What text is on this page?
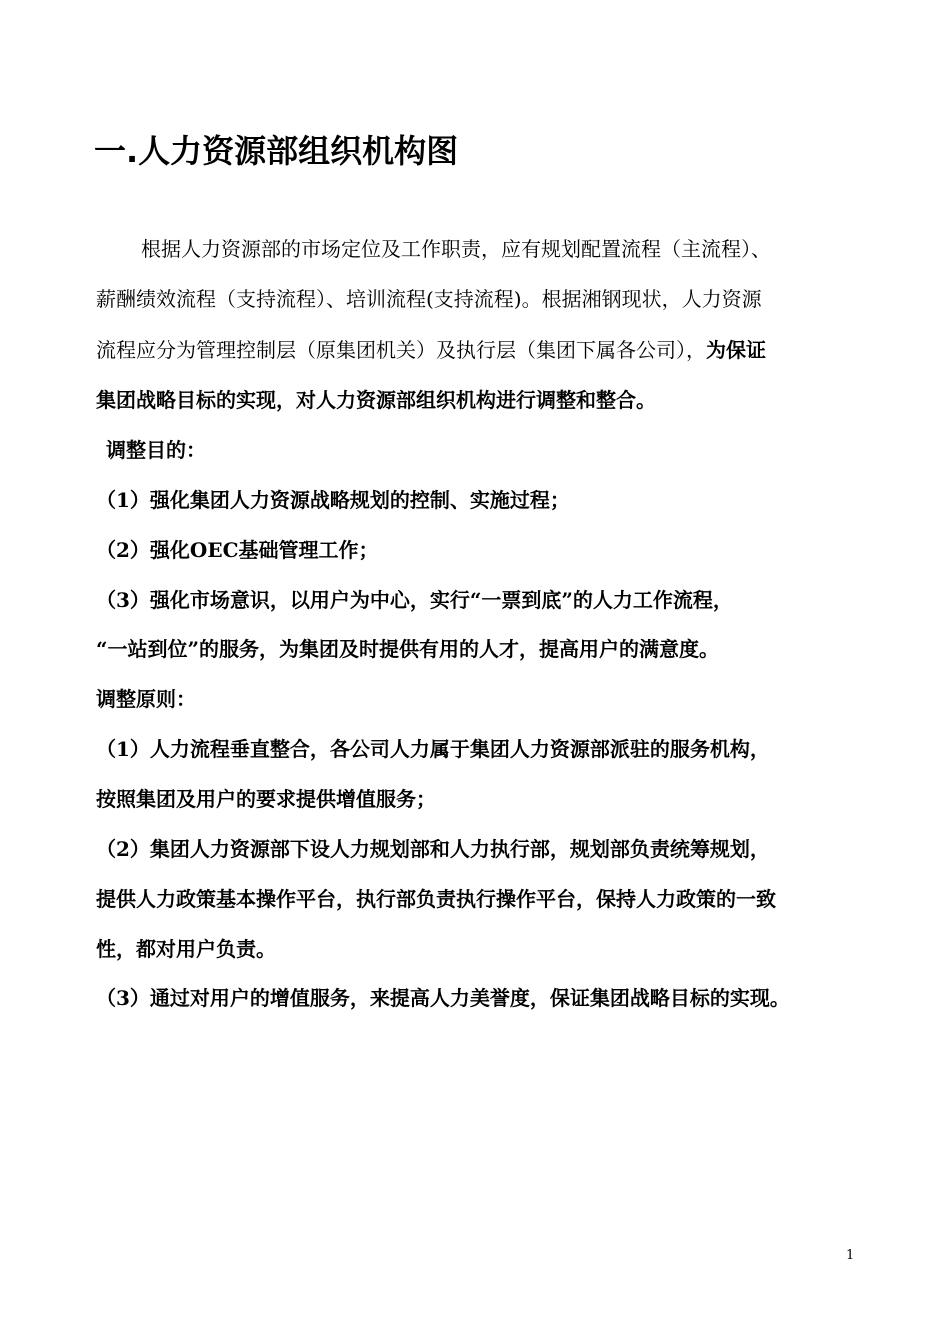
一.人力资源部组织机构图

根据人力资源部的市场定位及工作职责，应有规划配置流程（主流程）、

薪酬绩效流程（支持流程）、培训流程(支持流程)。根据湘钢现状，人力资源

流程应分为管理控制层（原集团机关）及执行层（集团下属各公司），为保证

集团战略目标的实现，对人力资源部组织机构进行调整和整合。

调整目的：

（1）强化集团人力资源战略规划的控制、实施过程；

（2）强化OEC基础管理工作；

（3）强化市场意识，以用户为中心，实行“一票到底”的人力工作流程，

“一站到位”的服务，为集团及时提供有用的人才，提高用户的满意度。

调整原则：

（1）人力流程垂直整合，各公司人力属于集团人力资源部派驻的服务机构，

按照集团及用户的要求提供增值服务；

（2）集团人力资源部下设人力规划部和人力执行部，规划部负责统筹规划，

提供人力政策基本操作平台，执行部负责执行操作平台，保持人力政策的一致

性，都对用户负责。

（3）通过对用户的增值服务，来提高人力美誉度，保证集团战略目标的实现。

1
